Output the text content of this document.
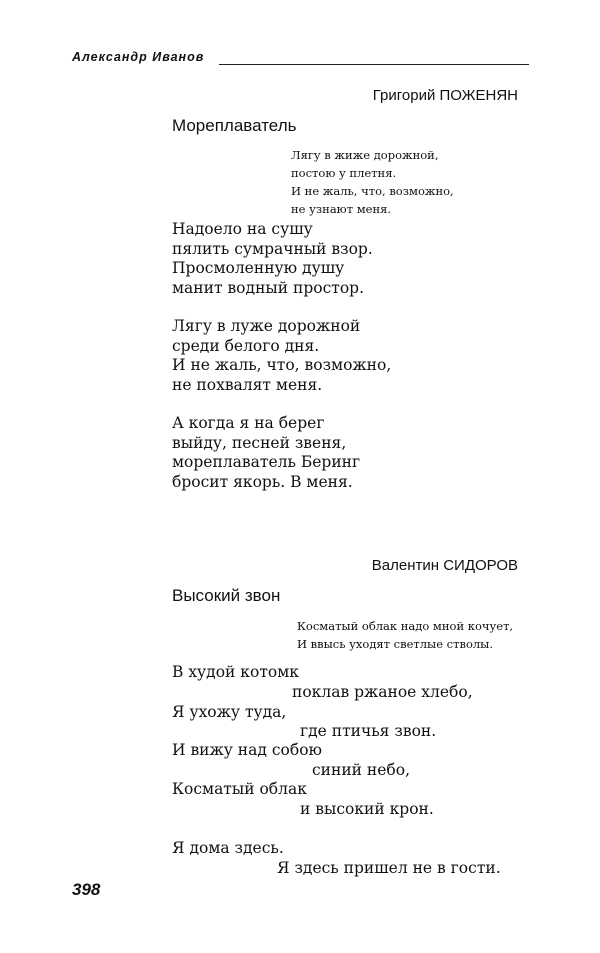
Александр Иванов
Григорий ПОЖЕНЯН
Мореплаватель
Лягу в жиже дорожной,
постою у плетня.
И не жаль, что, возможно,
не узнают меня.
Надоело на сушу
пялить сумрачный взор.
Просмоленную душу
манит водный простор.
Лягу в луже дорожной
среди белого дня.
И не жаль, что, возможно,
не похвалят меня.
А когда я на берег
выйду, песней звеня,
мореплаватель Беринг
бросит якорь. В меня.
Валентин СИДОРОВ
Высокий звон
Косматый облак надо мной кочует,
И ввысь уходят светлые стволы.
В худой котомк
поклав ржаное хлебо,
Я ухожу туда,
где птичья звон.
И вижу над собою
синий небо,
Косматый облак
и высокий крон.
Я дома здесь.
Я здесь пришел не в гости.
398
